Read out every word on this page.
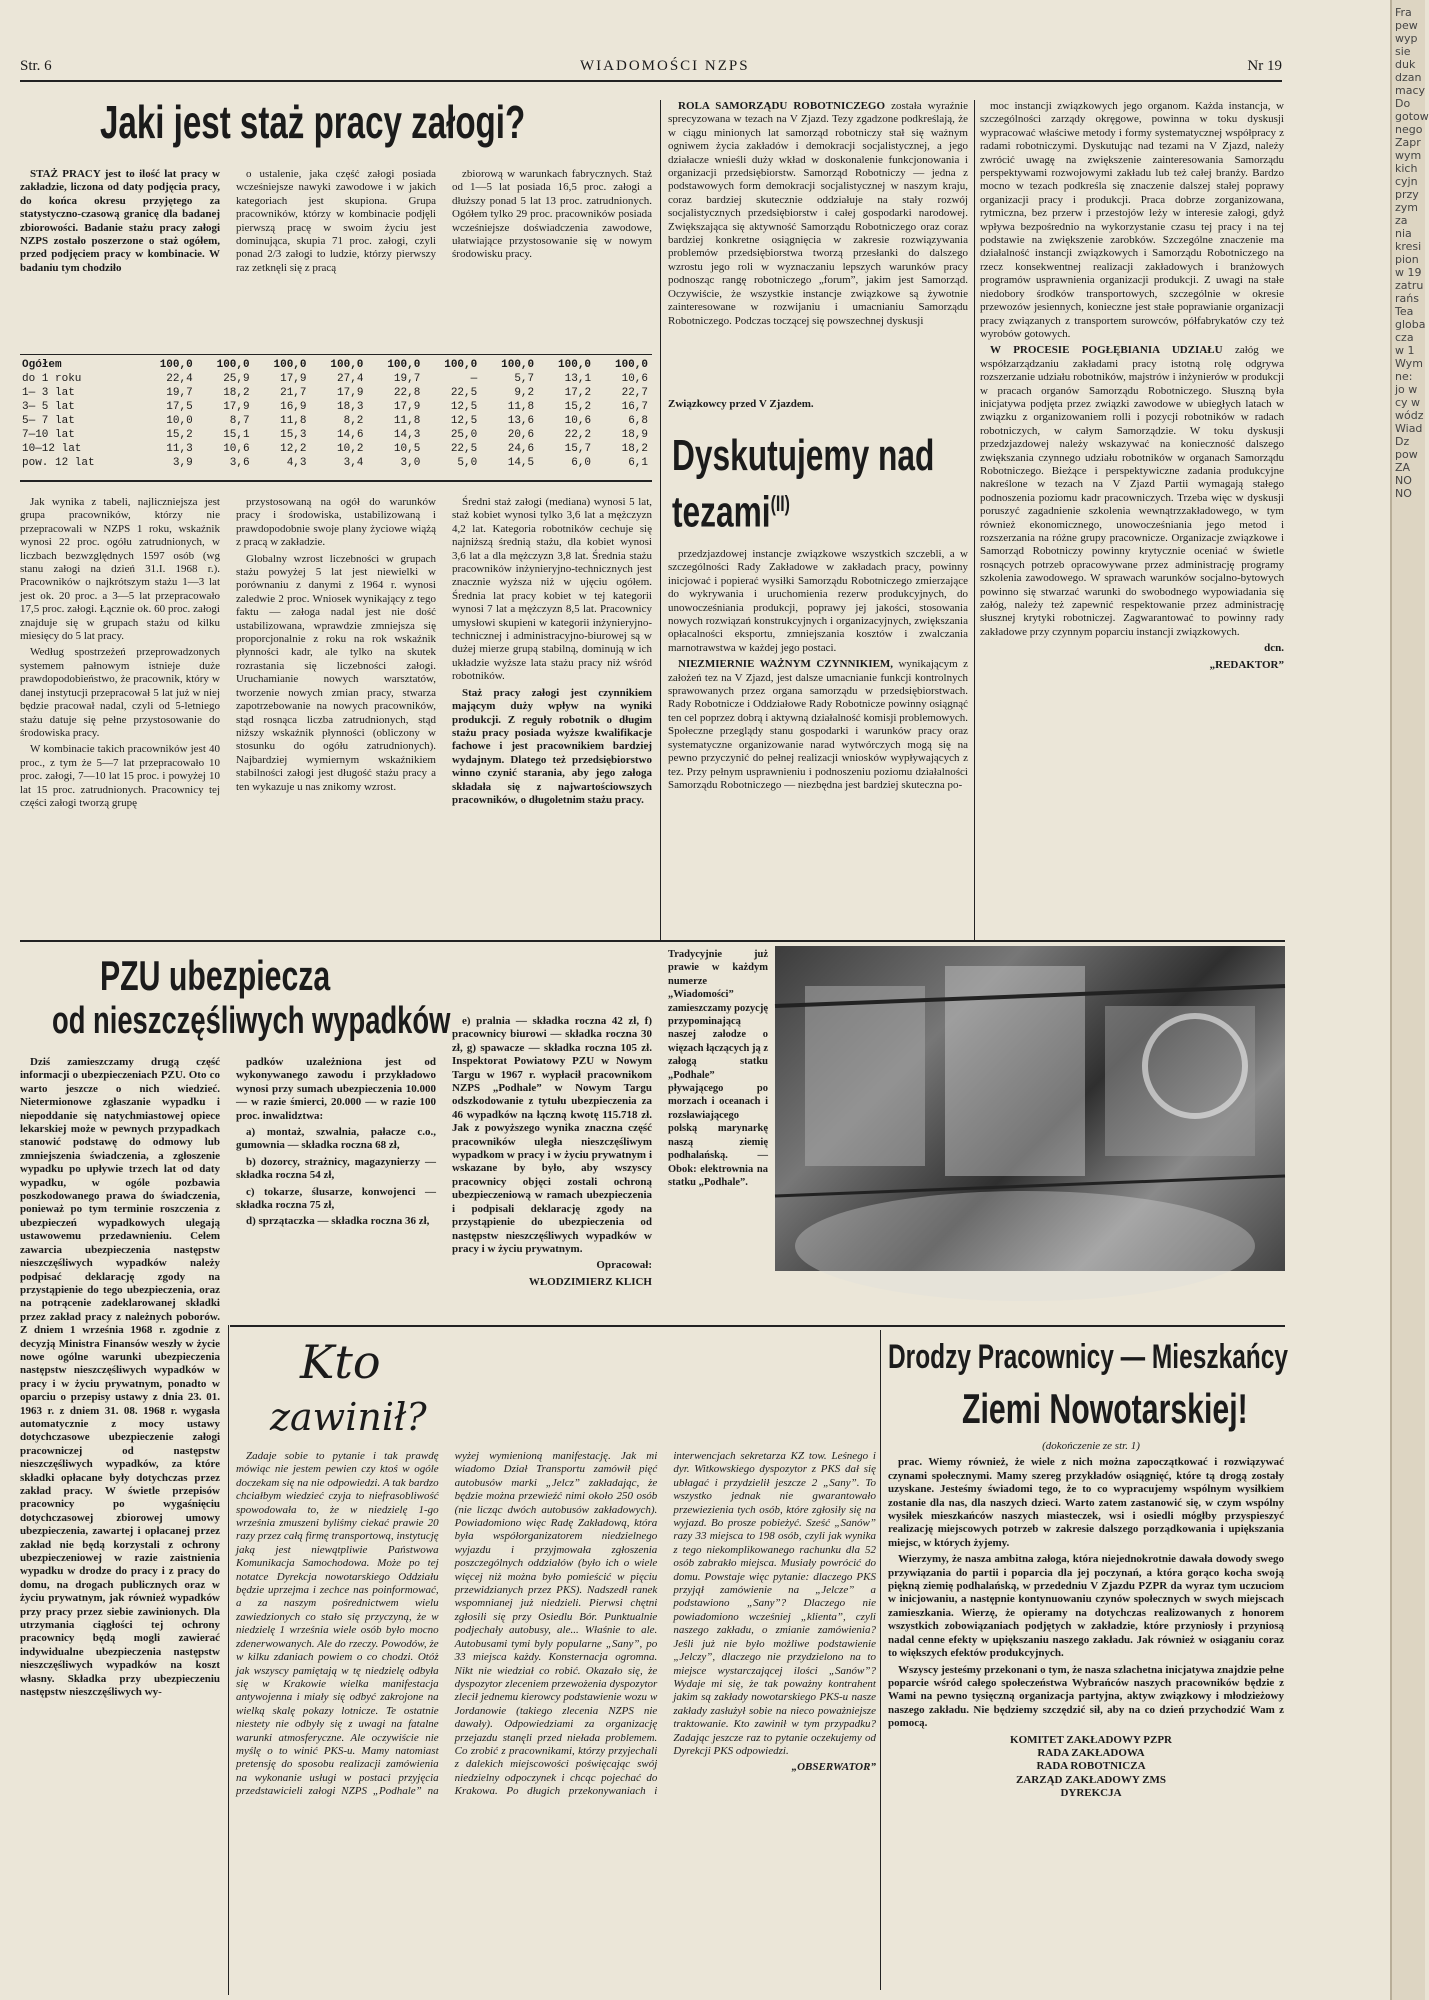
Str. 6	WIADOMOŚCI NZPS	Nr 19
Jaki jest staż pracy załogi?

STAŻ PRACY jest to ilość lat pracy w zakładzie, liczona od daty podjęcia pracy, do końca okresu przyjętego za statystyczno-czasową granicę dla badanej zbiorowości. Badanie stażu pracy załogi NZPS zostało poszerzone o staż ogółem, przed podjęciem pracy w kombinacie. W badaniu tym chodziło

o ustalenie, jaka część załogi posiada wcześniejsze nawyki zawodowe i w jakich kategoriach jest skupiona. Grupa pracowników, którzy w kombinacie podjęli pierwszą pracę w swoim życiu jest dominująca, skupia 71 proc. załogi, czyli ponad 2/3 załogi to ludzie, którzy pierwszy raz zetknęli się z pracą

zbiorową w warunkach fabrycznych. Staż od 1—5 lat posiada 16,5 proc. załogi a dłuższy ponad 5 lat 13 proc. zatrudnionych. Ogółem tylko 29 proc. pracowników posiada wcześniejsze doświadczenia zawodowe, ułatwiające przystosowanie się w nowym środowisku pracy.

Ogółem	100,0	100,0	100,0	100,0	100,0	100,0	100,0	100,0	100,0
do 1 roku	22,4	25,9	17,9	27,4	19,7	—	5,7	13,1	10,6
1— 3 lat	19,7	18,2	21,7	17,9	22,8	22,5	9,2	17,2	22,7
3— 5 lat	17,5	17,9	16,9	18,3	17,9	12,5	11,8	15,2	16,7
5— 7 lat	10,0	8,7	11,8	8,2	11,8	12,5	13,6	10,6	6,8
7—10 lat	15,2	15,1	15,3	14,6	14,3	25,0	20,6	22,2	18,9
10—12 lat	11,3	10,6	12,2	10,2	10,5	22,5	24,6	15,7	18,2
pow. 12 lat	3,9	3,6	4,3	3,4	3,0	5,0	14,5	6,0	6,1

Jak wynika z tabeli, najliczniejsza jest grupa pracowników, którzy nie przepracowali w NZPS 1 roku, wskaźnik wynosi 22 proc. ogółu zatrudnionych, w liczbach bezwzględnych 1597 osób (wg stanu załogi na dzień 31.I. 1968 r.). Pracowników o najkrótszym stażu 1—3 lat jest ok. 20 proc. a 3—5 lat przepracowało 17,5 proc. załogi. Łącznie ok. 60 proc. załogi znajduje się w grupach stażu od kilku miesięcy do 5 lat pracy.

Według spostrzeżeń przeprowadzonych systemem pałnowym istnieje duże prawdopodobieństwo, że pracownik, który w danej instytucji przepracował 5 lat już w niej będzie pracował nadal, czyli od 5-letniego stażu datuje się pełne przystosowanie do środowiska pracy.

W kombinacie takich pracowników jest 40 proc., z tym że 5—7 lat przepracowało 10 proc. załogi, 7—10 lat 15 proc. i powyżej 10 lat 15 proc. zatrudnionych. Pracownicy tej części załogi tworzą grupę

przystosowaną na ogół do warunków pracy i środowiska, ustabilizowaną i prawdopodobnie swoje plany życiowe wiążą z pracą w zakładzie.

Globalny wzrost liczebności w grupach stażu powyżej 5 lat jest niewielki w porównaniu z danymi z 1964 r. wynosi zaledwie 2 proc. Wniosek wynikający z tego faktu — załoga nadal jest nie dość ustabilizowana, wprawdzie zmniejsza się proporcjonalnie z roku na rok wskaźnik płynności kadr, ale tylko na skutek rozrastania się liczebności załogi. Uruchamianie nowych warsztatów, tworzenie nowych zmian pracy, stwarza zapotrzebowanie na nowych pracowników, stąd rosnąca liczba zatrudnionych, stąd niższy wskaźnik płynności (obliczony w stosunku do ogółu zatrudnionych). Najbardziej wymiernym wskaźnikiem stabilności załogi jest długość stażu pracy a ten wykazuje u nas znikomy wzrost.

Średni staż załogi (mediana) wynosi 5 lat, staż kobiet wynosi tylko 3,6 lat a mężczyzn 4,2 lat. Kategoria robotników cechuje się najniższą średnią stażu, dla kobiet wynosi 3,6 lat a dla mężczyzn 3,8 lat. Średnia stażu pracowników inżynieryjno-technicznych jest znacznie wyższa niż w ujęciu ogółem. Średnia lat pracy kobiet w tej kategorii wynosi 7 lat a mężczyzn 8,5 lat. Pracownicy umysłowi skupieni w kategorii inżynieryjno-technicznej i administracyjno-biurowej są w dużej mierze grupą stabilną, dominują w ich układzie wyższe lata stażu pracy niż wśród robotników.

Staż pracy załogi jest czynnikiem mającym duży wpływ na wyniki produkcji. Z reguły robotnik o długim stażu pracy posiada wyższe kwalifikacje fachowe i jest pracownikiem bardziej wydajnym. Dlatego też przedsiębiorstwo winno czynić starania, aby jego załoga składała się z najwartościowszych pracowników, o długoletnim stażu pracy.

ROLA SAMORZĄDU ROBOTNICZEGO została wyraźnie sprecyzowana w tezach na V Zjazd. Tezy zgadzone podkreślają, że w ciągu minionych lat samorząd robotniczy stał się ważnym ogniwem życia zakładów i demokracji socjalistycznej, a jego działacze wnieśli duży wkład w doskonalenie funkcjonowania i organizacji przedsiębiorstw. Samorząd Robotniczy — jedna z podstawowych form demokracji socjalistycznej w naszym kraju, coraz bardziej skutecznie oddziałuje na stały rozwój socjalistycznych przedsiębiorstw i całej gospodarki narodowej. Zwiększająca się aktywność Samorządu Robotniczego oraz coraz bardziej konkretne osiągnięcia w zakresie rozwiązywania problemów przedsiębiorstwa tworzą przesłanki do dalszego wzrostu jego roli w wyznaczaniu lepszych warunków pracy podnosząc rangę robotniczego „forum”, jakim jest Samorząd. Oczywiście, że wszystkie instancje związkowe są żywotnie zainteresowane w rozwijaniu i umacnianiu Samorządu Robotniczego. Podczas toczącej się powszechnej dyskusji

Związkowcy przed V Zjazdem.
Dyskutujemy nad tezami$^{(II)}$

przedzjazdowej instancje związkowe wszystkich szczebli, a w szczególności Rady Zakładowe w zakładach pracy, powinny inicjować i popierać wysiłki Samorządu Robotniczego zmierzające do wykrywania i uruchomienia rezerw produkcyjnych, do unowocześniania produkcji, poprawy jej jakości, stosowania nowych rozwiązań konstrukcyjnych i organizacyjnych, zwiększania opłacalności eksportu, zmniejszania kosztów i zwalczania marnotrawstwa w każdej jego postaci.

NIEZMIERNIE WAŻNYM CZYNNIKIEM, wynikającym z założeń tez na V Zjazd, jest dalsze umacnianie funkcji kontrolnych sprawowanych przez organa samorządu w przedsiębiorstwach. Rady Robotnicze i Oddziałowe Rady Robotnicze powinny osiągnąć ten cel poprzez dobrą i aktywną działalność komisji problemowych. Społeczne przeglądy stanu gospodarki i warunków pracy oraz systematyczne organizowanie narad wytwórczych mogą się na pewno przyczynić do pełnej realizacji wniosków wypływających z tez. Przy pełnym usprawnieniu i podnoszeniu poziomu działalności Samorządu Robotniczego — niezbędna jest bardziej skuteczna po-

moc instancji związkowych jego organom. Każda instancja, w szczególności zarządy okręgowe, powinna w toku dyskusji wypracować właściwe metody i formy systematycznej współpracy z radami robotniczymi. Dyskutując nad tezami na V Zjazd, należy zwrócić uwagę na zwiększenie zainteresowania Samorządu perspektywami rozwojowymi zakładu lub też całej branży. Bardzo mocno w tezach podkreśla się znaczenie dalszej stałej poprawy organizacji pracy i produkcji. Praca dobrze zorganizowana, rytmiczna, bez przerw i przestojów leży w interesie załogi, gdyż wpływa bezpośrednio na wykorzystanie czasu tej pracy i na tej podstawie na zwiększenie zarobków. Szczególne znaczenie ma działalność instancji związkowych i Samorządu Robotniczego na rzecz konsekwentnej realizacji zakładowych i branżowych programów usprawnienia organizacji produkcji. Z uwagi na stałe niedobory środków transportowych, szczególnie w okresie przewozów jesiennych, konieczne jest stałe poprawianie organizacji pracy związanych z transportem surowców, półfabrykatów czy też wyrobów gotowych.

W PROCESIE POGŁĘBIANIA UDZIAŁU załóg we współzarządzaniu zakładami pracy istotną rolę odgrywa rozszerzanie udziału robotników, majstrów i inżynierów w produkcji w pracach organów Samorządu Robotniczego. Słuszną była inicjatywa podjęta przez związki zawodowe w ubiegłych latach w związku z organizowaniem rolli i pozycji robotników w radach robotniczych, w całym Samorządzie. W toku dyskusji przedzjazdowej należy wskazywać na konieczność dalszego zwiększania czynnego udziału robotników w organach Samorządu Robotniczego. Bieżące i perspektywiczne zadania produkcyjne nakreślone w tezach na V Zjazd Partii wymagają stałego podnoszenia poziomu kadr pracowniczych. Trzeba więc w dyskusji poruszyć zagadnienie szkolenia wewnątrzzakładowego, w tym również ekonomicznego, unowocześniania jego metod i rozszerzania na różne grupy pracownicze. Organizacje związkowe i Samorząd Robotniczy powinny krytycznie oceniać w świetle rosnących potrzeb opracowywane przez administrację programy szkolenia zawodowego. W sprawach warunków socjalno-bytowych powinno się stwarzać warunki do swobodnego wypowiadania się załóg, należy też zapewnić respektowanie przez administrację słusznej krytyki robotniczej. Zagwarantować to powinny rady zakładowe przy czynnym poparciu instancji związkowych.

dcn.

„REDAKTOR”

PZU ubezpiecza
od nieszczęśliwych wypadków

Dziś zamieszczamy drugą część informacji o ubezpieczeniach PZU. Oto co warto jeszcze o nich wiedzieć. Nietermionowe zgłaszanie wypadku i niepoddanie się natychmiastowej opiece lekarskiej może w pewnych przypadkach stanowić podstawę do odmowy lub zmniejszenia świadczenia, a zgłoszenie wypadku po upływie trzech lat od daty wypadku, w ogóle pozbawia poszkodowanego prawa do świadczenia, ponieważ po tym terminie roszczenia z ubezpieczeń wypadkowych ulegają ustawowemu przedawnieniu. Celem zawarcia ubezpieczenia następstw nieszczęśliwych wypadków należy podpisać deklarację zgody na przystąpienie do tego ubezpieczenia, oraz na potrącenie zadeklarowanej składki przez zakład pracy z należnych poborów. Z dniem 1 września 1968 r. zgodnie z decyzją Ministra Finansów weszły w życie nowe ogólne warunki ubezpieczenia następstw nieszczęśliwych wypadków w pracy i w życiu prywatnym, ponadto w oparciu o przepisy ustawy z dnia 23. 01. 1963 r. z dniem 31. 08. 1968 r. wygasła automatycznie z mocy ustawy dotychczasowe ubezpieczenie załogi pracowniczej od następstw nieszczęśliwych wypadków, za które składki opłacane były dotychczas przez zakład pracy. W świetle przepisów pracownicy po wygaśnięciu dotychczasowej zbiorowej umowy ubezpieczenia, zawartej i opłacanej przez zakład nie będą korzystali z ochrony ubezpieczeniowej w razie zaistnienia wypadku w drodze do pracy i z pracy do domu, na drogach publicznych oraz w życiu prywatnym, jak również wypadków przy pracy przez siebie zawinionych. Dla utrzymania ciągłości tej ochrony pracownicy będą mogli zawierać indywidualne ubezpieczenia następstw nieszczęśliwych wypadków na koszt własny. Składka przy ubezpieczeniu następstw nieszczęśliwych wy-

padków uzależniona jest od wykonywanego zawodu i przykładowo wynosi przy sumach ubezpieczenia 10.000 — w razie śmierci, 20.000 — w razie 100 proc. inwalidztwa:

a) montaż, szwalnia, pałacze c.o., gumownia — składka roczna 68 zł,

b) dozorcy, strażnicy, magazynierzy — składka roczna 54 zł,

c) tokarze, ślusarze, konwojenci — składka roczna 75 zł,

d) sprzątaczka — składka roczna 36 zł,

e) pralnia — składka roczna 42 zł, f) pracownicy biurowi — składka roczna 30 zł, g) spawacze — składka roczna 105 zł. Inspektorat Powiatowy PZU w Nowym Targu w 1967 r. wypłacił pracownikom NZPS „Podhale” w Nowym Targu odszkodowanie z tytułu ubezpieczenia za 46 wypadków na łączną kwotę 115.718 zł. Jak z powyższego wynika znaczna część pracowników uległa nieszczęśliwym wypadkom w pracy i w życiu prywatnym i wskazane by było, aby wszyscy pracownicy objęci zostali ochroną ubezpieczeniową w ramach ubezpieczenia i podpisali deklarację zgody na przystąpienie do ubezpieczenia od następstw nieszczęśliwych wypadków w pracy i w życiu prywatnym.

Opracował:

WŁODZIMIERZ KLICH

Tradycyjnie już prawie w każdym numerze „Wiadomości” zamieszczamy pozycję przypominającą naszej załodze o więzach łączących ją z załogą statku „Podhale” pływającego po morzach i oceanach i rozsławiającego polską marynarkę naszą ziemię podhalańską. — Obok: elektrownia na statku „Podhale”.
Kto
zawinił?

Zadaje sobie to pytanie i tak prawdę mówiąc nie jestem pewien czy ktoś w ogóle doczekam się na nie odpowiedzi. A tak bardzo chciałbym wiedzieć czyja to niefrasobliwość spowodowała to, że w niedzielę 1-go września zmuszeni byliśmy ciekać prawie 20 razy przez całą firmę transportową, instytucję jaką jest niewątpliwie Państwowa Komunikacja Samochodowa. Może po tej notatce Dyrekcja nowotarskiego Oddziału będzie uprzejma i zechce nas poinformować, a za naszym pośrednictwem wielu zawiedzionych co stało się przyczyną, że w niedzielę 1 września wiele osób było mocno zdenerwowanych. Ale do rzeczy. Powodów, że w kilku zdaniach powiem o co chodzi. Otóż jak wszyscy pamiętają w tę niedzielę odbyła się w Krakowie wielka manifestacja antywojenna i miały się odbyć zakrojone na wielką skalę pokazy lotnicze. Te ostatnie niestety nie odbyły się z uwagi na fatalne warunki atmosferyczne. Ale oczywiście nie myślę o to winić PKS-u. Mamy natomiast pretensję do sposobu realizacji zamówienia na wykonanie usługi w postaci przyjęcia przedstawicieli załogi NZPS „Podhale” na wyżej wymienioną manifestację. Jak mi wiadomo Dział Transportu zamówił pięć autobusów marki „Jelcz” zakładając, że będzie można przewieźć nimi około 250 osób (nie licząc dwóch autobusów zakładowych). Powiadomiono więc Radę Zakładową, która była współorganizatorem niedzielnego wyjazdu i przyjmowała zgłoszenia poszczególnych oddziałów (było ich o wiele więcej niż można było pomieścić w pięciu przewidzianych przez PKS). Nadszedł ranek wspomnianej już niedzieli. Pierwsi chętni zgłosili się przy Osiedlu Bór. Punktualnie podjechały autobusy, ale... Właśnie to ale. Autobusami tymi byly popularne „Sany”, po 33 miejsca każdy. Konsternacja ogromna. Nikt nie wiedział co robić. Okazało się, że dyspozytor zleceniem przewożenia dyspozytor zlecił jednemu kierowcy podstawienie wozu w Jordanowie (takiego zlecenia NZPS nie dawały). Odpowiedziami za organizację przejazdu stanęli przed niełada problemem. Co zrobić z pracownikami, którzy przyjechali z dalekich miejscowości poświęcając swój niedzielny odpoczynek i chcąc pojechać do Krakowa. Po długich przekonywaniach i interwencjach sekretarza KZ tow. Leśnego i dyr. Witkowskiego dyspozytor z PKS dał się ubłagać i przydzielił jeszcze 2 „Sany”. To wszystko jednak nie gwarantowało przewiezienia tych osób, które zgłosiły się na wyjazd. Bo prosze pobieżyć. Sześć „Sanów” razy 33 miejsca to 198 osób, czyli jak wynika z tego niekomplikowanego rachunku dla 52 osób zabrakło miejsca. Musiały powrócić do domu. Powstaje więc pytanie: dlaczego PKS przyjął zamówienie na „Jelcze” a podstawiono „Sany”? Dlaczego nie powiadomiono wcześniej „klienta”, czyli naszego zakładu, o zmianie zamówienia? Jeśli już nie było możliwe podstawienie „Jelczy”, dlaczego nie przydzielono na to miejsce wystarczającej ilości „Sanów”? Wydaje mi się, że tak poważny kontrahent jakim są zakłady nowotarskiego PKS-u nasze zakłady zasłużył sobie na nieco poważniejsze traktowanie. Kto zawinił w tym przypadku? Zadając jeszcze raz to pytanie oczekujemy od Dyrekcji PKS odpowiedzi.

„OBSERWATOR”

Drodzy Pracownicy — Mieszkańcy
Ziemi Nowotarskiej!

(dokończenie ze str. 1)

prac. Wiemy również, że wiele z nich można zapoczątkować i rozwiązywać czynami społecznymi. Mamy szereg przykładów osiągnięć, które tą drogą zostały uzyskane. Jesteśmy świadomi tego, że to co wypracujemy wspólnym wysiłkiem zostanie dla nas, dla naszych dzieci. Warto zatem zastanowić się, w czym wspólny wysiłek mieszkańców naszych miasteczek, wsi i osiedli mógłby przyspieszyć realizację miejscowych potrzeb w zakresie dalszego porządkowania i upiększania miejsc, w których żyjemy.

Wierzymy, że nasza ambitna załoga, która niejednokrotnie dawała dowody swego przywiązania do partii i poparcia dla jej poczynań, a która gorąco kocha swoją piękną ziemię podhalańską, w przededniu V Zjazdu PZPR da wyraz tym uczuciom w inicjowaniu, a następnie kontynuowaniu czynów społecznych w swych miejscach zamieszkania. Wierzę, że opieramy na dotychczas realizowanych z honorem wszystkich zobowiązaniach podjętych w zakładzie, które przyniosły i przyniosą nadal cenne efekty w upiększaniu naszego zakładu. Jak również w osiąganiu coraz to większych efektów produkcyjnych.

Wszyscy jesteśmy przekonani o tym, że nasza szlachetna inicjatywa znajdzie pełne poparcie wśród całego społeczeństwa Wybrańców naszych pracowników będzie z Wami na pewno tysięczną organizacja partyjna, aktyw związkowy i młodzieżowy naszego zakładu. Nie będziemy szczędzić sił, aby na co dzień przychodzić Wam z pomocą.

KOMITET ZAKŁADOWY PZPR

RADA ZAKŁADOWA

RADA ROBOTNICZA

ZARZĄD ZAKŁADOWY ZMS

DYREKCJA

Fra pew wyp sie duk dzan macy Do gotow nego Zapr wym kich cyjn przy zym za nia kresi pion w 19 zatru rańs Tea globa cza w 1 Wym ne: jo w cy w wódz Wiad Dz pow ZA NO NO
